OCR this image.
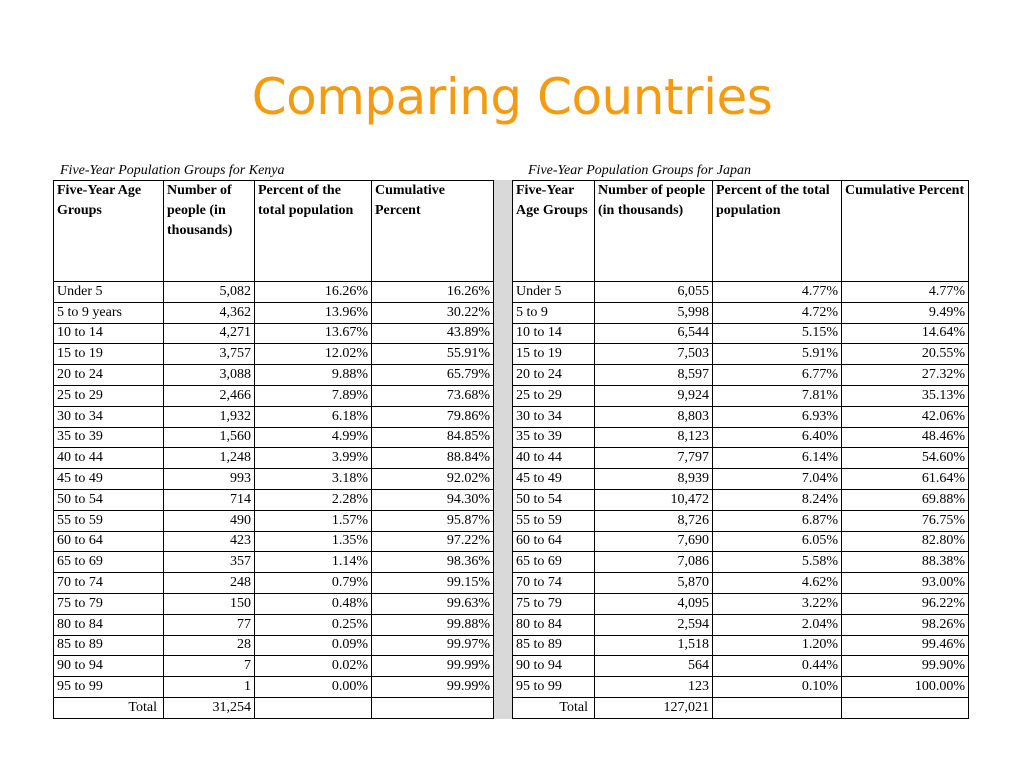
Comparing Countries
Five-Year Population Groups for Kenya	Five-Year Population Groups for Japan
Five-Year Age Groups	Number of people (in thousands)	Percent of the total population	Cumulative Percent
Under 5	5,082	16.26%	16.26%
5 to 9 years	4,362	13.96%	30.22%
10 to 14	4,271	13.67%	43.89%
15 to 19	3,757	12.02%	55.91%
20 to 24	3,088	9.88%	65.79%
25 to 29	2,466	7.89%	73.68%
30 to 34	1,932	6.18%	79.86%
35 to 39	1,560	4.99%	84.85%
40 to 44	1,248	3.99%	88.84%
45 to 49	993	3.18%	92.02%
50 to 54	714	2.28%	94.30%
55 to 59	490	1.57%	95.87%
60 to 64	423	1.35%	97.22%
65 to 69	357	1.14%	98.36%
70 to 74	248	0.79%	99.15%
75 to 79	150	0.48%	99.63%
80 to 84	77	0.25%	99.88%
85 to 89	28	0.09%	99.97%
90 to 94	7	0.02%	99.99%
95 to 99	1	0.00%	99.99%
Total	31,254		
Five-Year Age Groups	Number of people (in thousands)	Percent of the total population	Cumulative Percent
Under 5	6,055	4.77%	4.77%
5 to 9	5,998	4.72%	9.49%
10 to 14	6,544	5.15%	14.64%
15 to 19	7,503	5.91%	20.55%
20 to 24	8,597	6.77%	27.32%
25 to 29	9,924	7.81%	35.13%
30 to 34	8,803	6.93%	42.06%
35 to 39	8,123	6.40%	48.46%
40 to 44	7,797	6.14%	54.60%
45 to 49	8,939	7.04%	61.64%
50 to 54	10,472	8.24%	69.88%
55 to 59	8,726	6.87%	76.75%
60 to 64	7,690	6.05%	82.80%
65 to 69	7,086	5.58%	88.38%
70 to 74	5,870	4.62%	93.00%
75 to 79	4,095	3.22%	96.22%
80 to 84	2,594	2.04%	98.26%
85 to 89	1,518	1.20%	99.46%
90 to 94	564	0.44%	99.90%
95 to 99	123	0.10%	100.00%
Total	127,021		
